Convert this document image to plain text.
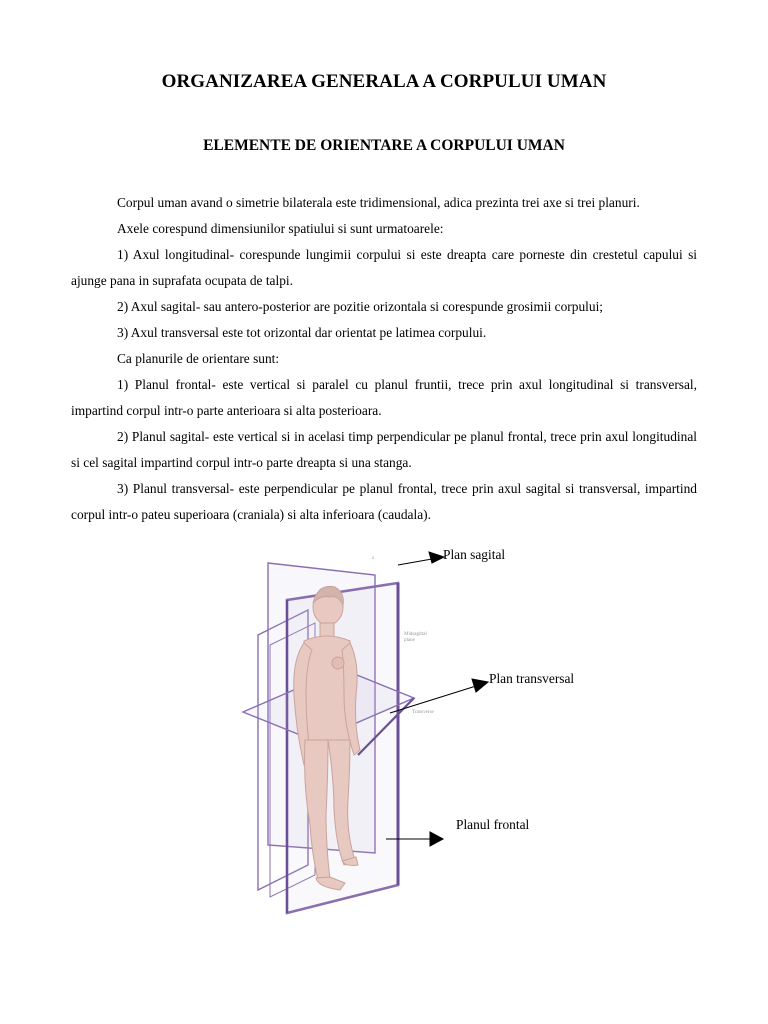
ORGANIZAREA GENERALA A CORPULUI UMAN
ELEMENTE DE ORIENTARE A CORPULUI UMAN

Corpul uman avand o simetrie bilaterala este tridimensional, adica prezinta trei axe si trei planuri.

Axele corespund dimensiunilor spatiului si sunt urmatoarele:

1) Axul longitudinal- corespunde lungimii corpului si este dreapta care porneste din crestetul capului si ajunge pana in suprafata ocupata de talpi.

2) Axul sagital- sau antero-posterior are pozitie orizontala si corespunde grosimii corpului;

3) Axul transversal este tot orizontal dar orientat pe latimea corpului.

Ca planurile de orientare sunt:

1) Planul frontal- este vertical si paralel cu planul fruntii, trece prin axul longitudinal si transversal, impartind corpul intr-o parte anterioara si alta posterioara.

2) Planul sagital- este vertical si in acelasi timp perpendicular pe planul frontal, trece prin axul longitudinal si cel sagital impartind corpul intr-o parte dreapta si una stanga.

3) Planul transversal- este perpendicular pe planul frontal, trece prin axul sagital si transversal, impartind corpul intr-o pateu superioara (craniala) si alta inferioara (caudala).

z
Midsagittal
plane
Transverse
Plan sagital
Plan transversal
Planul frontal
